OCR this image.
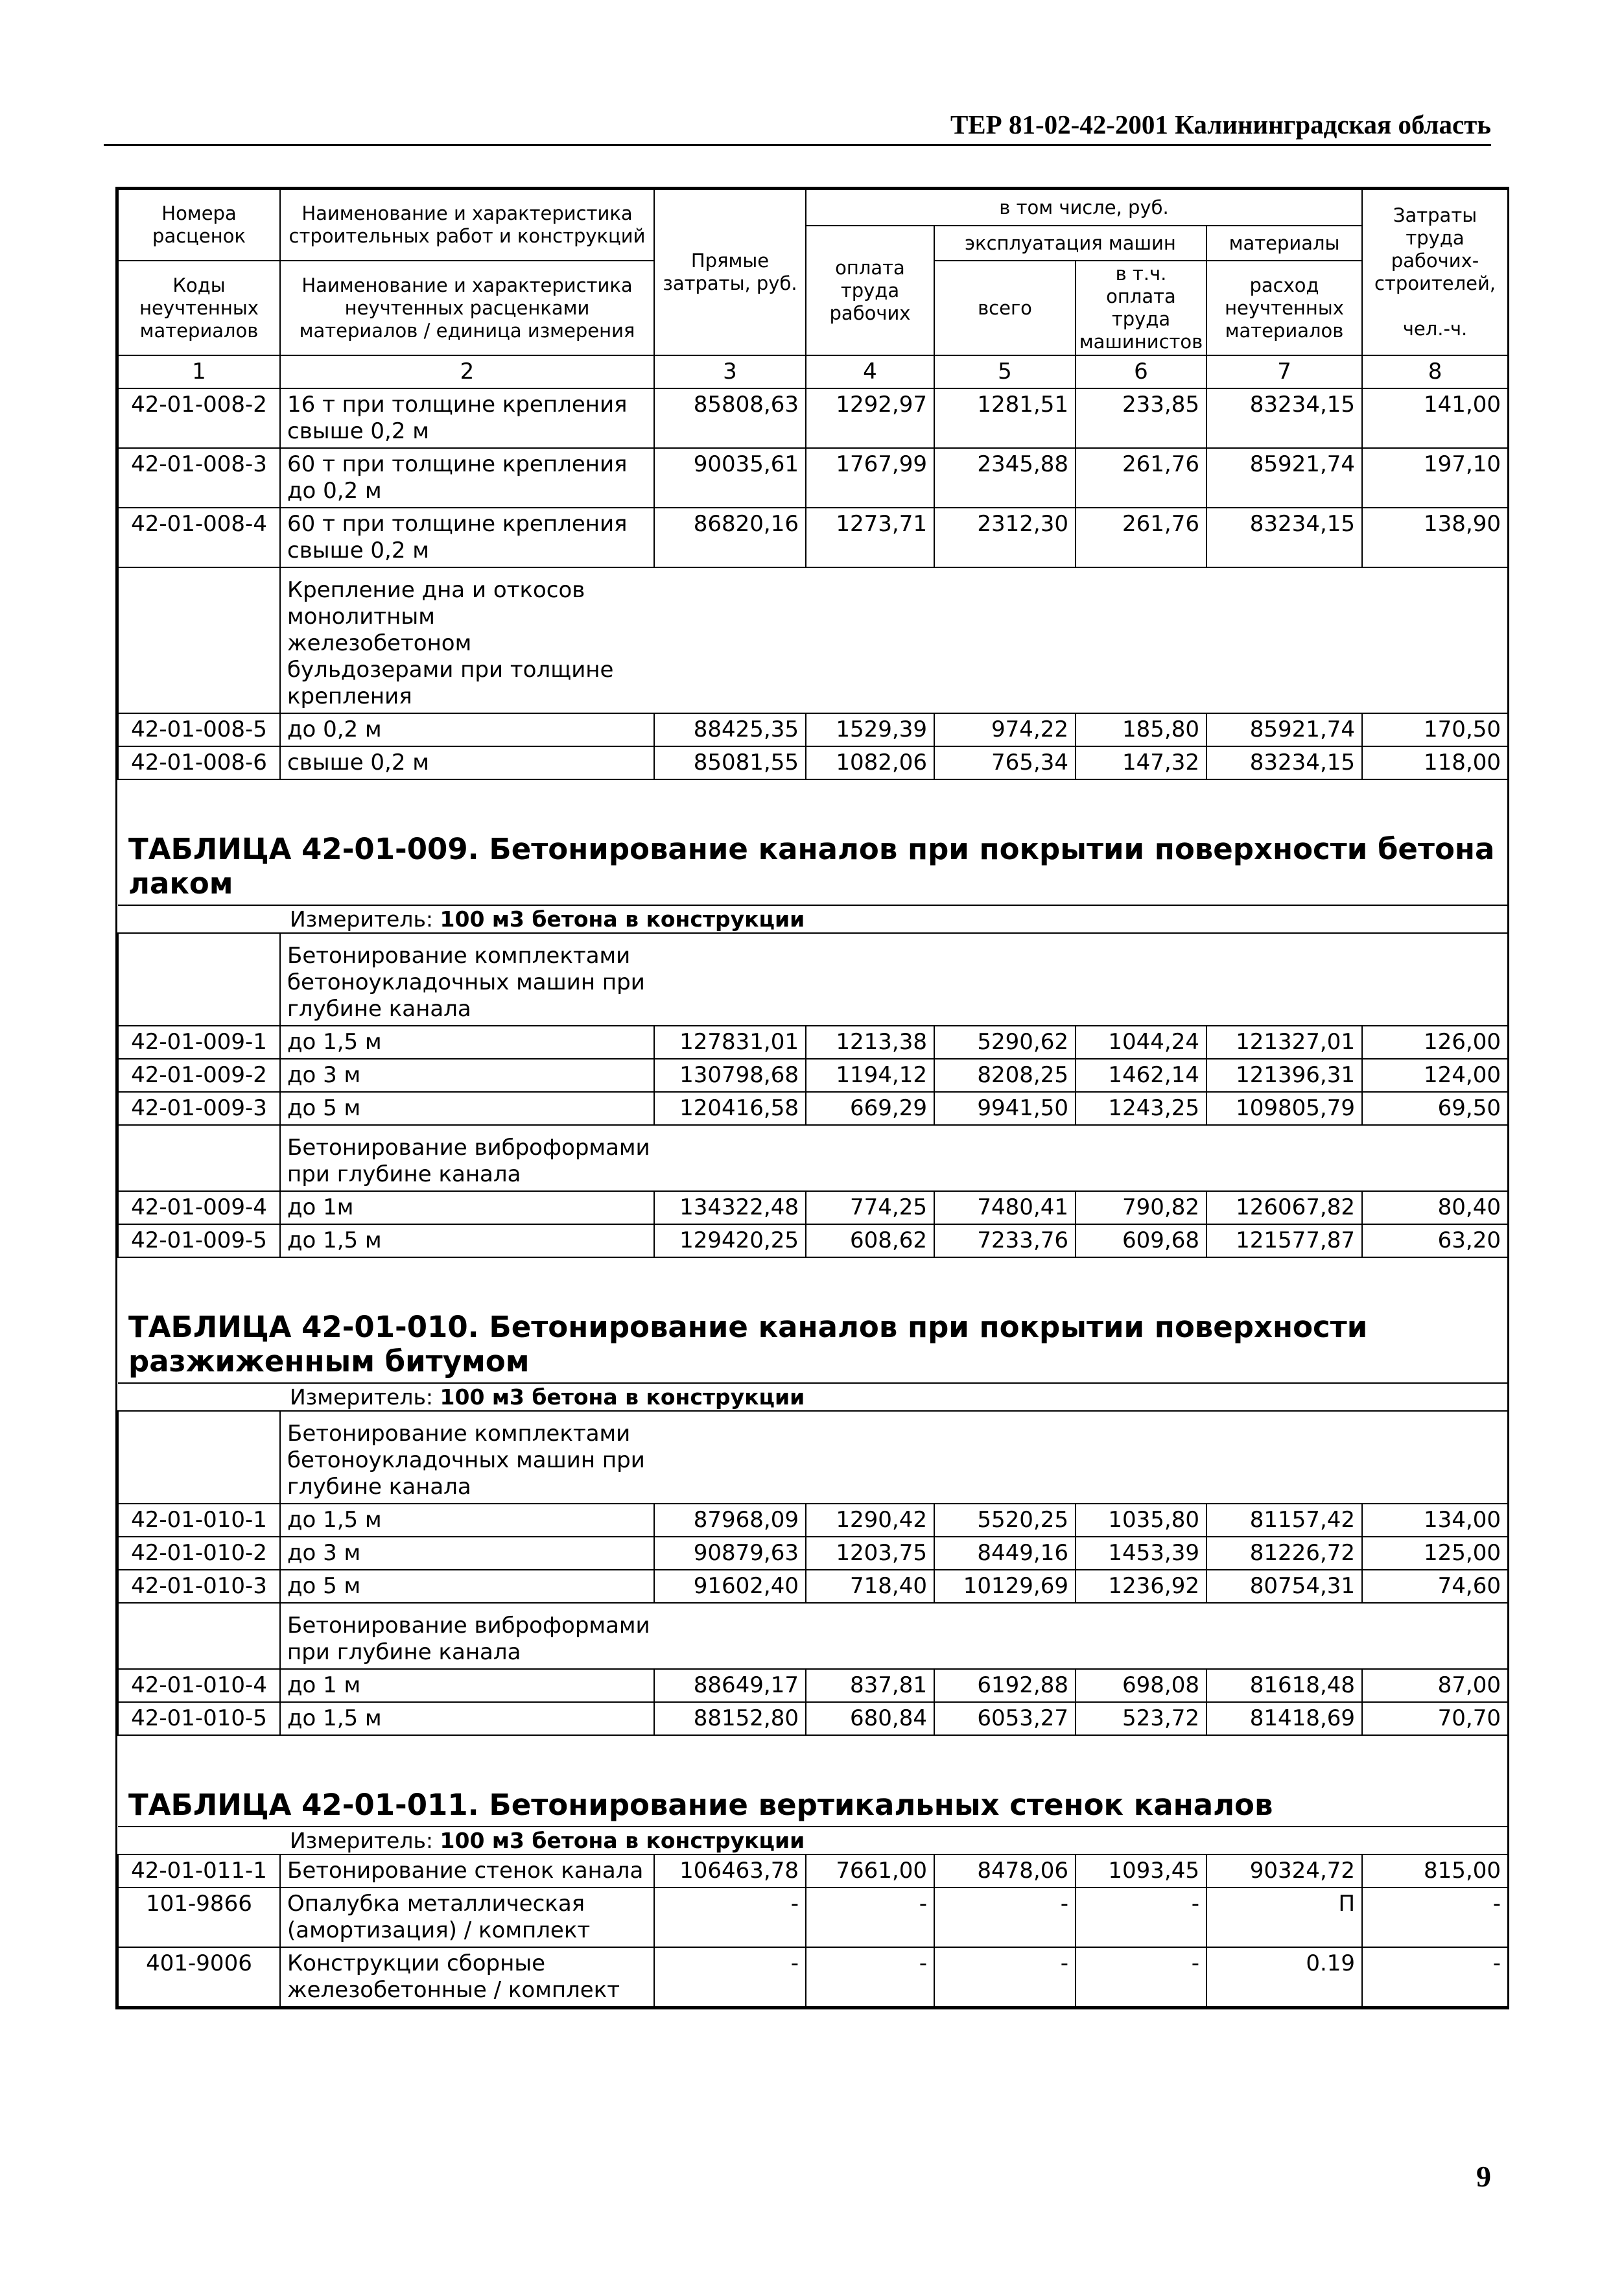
ТЕР 81-02-42-2001 Калининградская область
Номера расценок	Наименование и характеристика строительных работ и конструкций	Прямые затраты, руб.	в том числе, руб.				Затраты труда рабочих-строителей,

чел.-ч.
			оплата труда рабочих	эксплуатация машин		материалы	
Коды неучтенных материалов	Наименование и характеристика неучтенных расценками материалов / единица измерения			всего	в т.ч. оплата труда машинистов	расход неучтенных материалов	

1	2	3	4	5	6	7	8
42-01-008-2	16 т при толщине крепления свыше 0,2 м	85808,63	1292,97	1281,51	233,85	83234,15	141,00
42-01-008-3	60 т при толщине крепления до 0,2 м	90035,61	1767,99	2345,88	261,76	85921,74	197,10
42-01-008-4	60 т при толщине крепления свыше 0,2 м	86820,16	1273,71	2312,30	261,76	83234,15	138,90

	Крепление дна и откосов монолитным железобетоном бульдозерами при толщине крепления						

42-01-008-5	до 0,2 м	88425,35	1529,39	974,22	185,80	85921,74	170,50
42-01-008-6	свыше 0,2 м	85081,55	1082,06	765,34	147,32	83234,15	118,00
ТАБЛИЦА 42-01-009. Бетонирование каналов при покрытии поверхности бетона лаком							
Измеритель: 100 м3 бетона в конструкции							

	Бетонирование комплектами бетоноукладочных машин при глубине канала						

42-01-009-1	до 1,5 м	127831,01	1213,38	5290,62	1044,24	121327,01	126,00
42-01-009-2	до 3 м	130798,68	1194,12	8208,25	1462,14	121396,31	124,00
42-01-009-3	до 5 м	120416,58	669,29	9941,50	1243,25	109805,79	69,50

	Бетонирование виброформами при глубине канала						

42-01-009-4	до 1м	134322,48	774,25	7480,41	790,82	126067,82	80,40
42-01-009-5	до 1,5 м	129420,25	608,62	7233,76	609,68	121577,87	63,20
ТАБЛИЦА 42-01-010. Бетонирование каналов при покрытии поверхности разжиженным битумом							
Измеритель: 100 м3 бетона в конструкции							

	Бетонирование комплектами бетоноукладочных машин при глубине канала						

42-01-010-1	до 1,5 м	87968,09	1290,42	5520,25	1035,80	81157,42	134,00
42-01-010-2	до 3 м	90879,63	1203,75	8449,16	1453,39	81226,72	125,00
42-01-010-3	до 5 м	91602,40	718,40	10129,69	1236,92	80754,31	74,60

	Бетонирование виброформами при глубине канала						

42-01-010-4	до 1 м	88649,17	837,81	6192,88	698,08	81618,48	87,00
42-01-010-5	до 1,5 м	88152,80	680,84	6053,27	523,72	81418,69	70,70
ТАБЛИЦА 42-01-011. Бетонирование вертикальных стенок каналов							
Измеритель: 100 м3 бетона в конструкции							
42-01-011-1	Бетонирование стенок канала	106463,78	7661,00	8478,06	1093,45	90324,72	815,00
101-9866	Опалубка металлическая (амортизация) / комплект	-	-	-	-	П	-
401-9006	Конструкции сборные железобетонные / комплект	-	-	-	-	0.19	-
9
